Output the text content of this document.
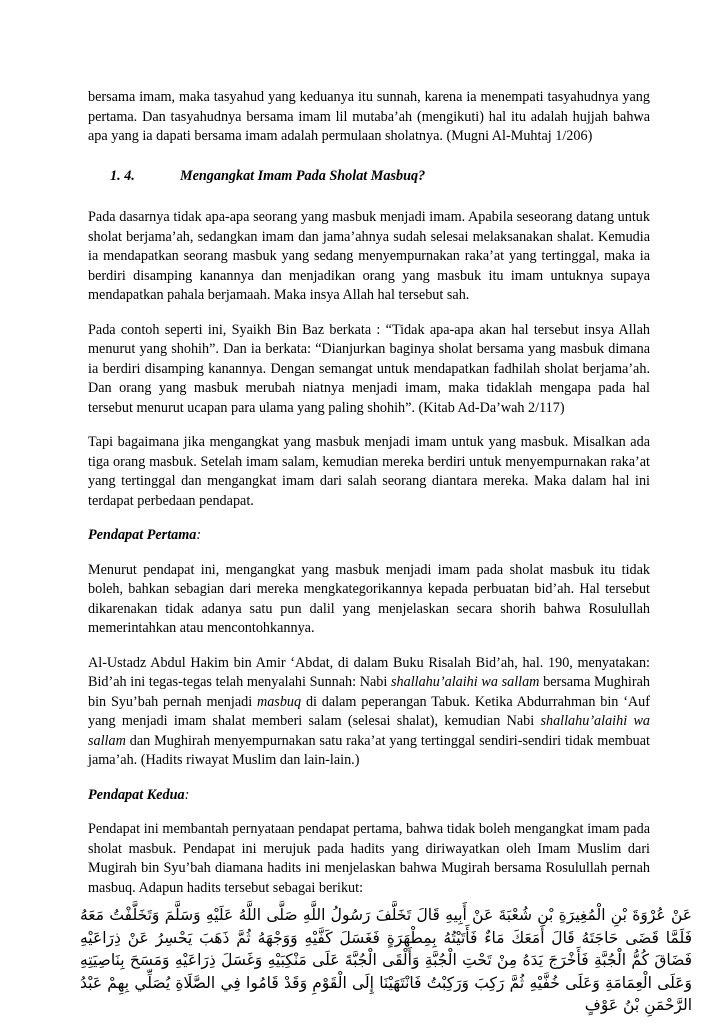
bersama imam, maka tasyahud yang keduanya itu sunnah, karena ia menempati tasyahudnya yang pertama. Dan tasyahudnya bersama imam lil mutaba’ah (mengikuti) hal itu adalah hujjah bahwa apa yang ia dapati bersama imam adalah permulaan sholatnya. (Mugni Al-Muhtaj 1/206)

1. 4.	Mengangkat Imam Pada Sholat Masbuq?

Pada dasarnya tidak apa-apa seorang yang masbuk menjadi imam. Apabila seseorang datang untuk sholat berjama’ah, sedangkan imam dan jama’ahnya sudah selesai melaksanakan shalat. Kemudia ia mendapatkan seorang masbuk yang sedang menyempurnakan raka’at yang tertinggal, maka ia berdiri disamping kanannya dan menjadikan orang yang masbuk itu imam untuknya supaya mendapatkan pahala berjamaah. Maka insya Allah hal tersebut sah.

Pada contoh seperti ini, Syaikh Bin Baz berkata : “Tidak apa-apa akan hal tersebut insya Allah menurut yang shohih”. Dan ia berkata: “Dianjurkan baginya sholat bersama yang masbuk dimana ia berdiri disamping kanannya. Dengan semangat untuk mendapatkan fadhilah sholat berjama’ah. Dan orang yang masbuk merubah niatnya menjadi imam, maka tidaklah mengapa pada hal tersebut menurut ucapan para ulama yang paling shohih”. (Kitab Ad-Da’wah 2/117)

Tapi bagaimana jika mengangkat yang masbuk menjadi imam untuk yang masbuk. Misalkan ada tiga orang masbuk. Setelah imam salam, kemudian mereka berdiri untuk menyempurnakan raka’at yang tertinggal dan mengangkat imam dari salah seorang diantara mereka. Maka dalam hal ini terdapat perbedaan pendapat.

Pendapat Pertama:

Menurut pendapat ini, mengangkat yang masbuk menjadi imam pada sholat masbuk itu tidak boleh, bahkan sebagian dari mereka mengkategorikannya kepada perbuatan bid’ah. Hal tersebut dikarenakan tidak adanya satu pun dalil yang menjelaskan secara shorih bahwa Rosulullah memerintahkan atau mencontohkannya.

Al-Ustadz Abdul Hakim bin Amir ‘Abdat, di dalam Buku Risalah Bid’ah, hal. 190, menyatakan: Bid’ah ini tegas-tegas telah menyalahi Sunnah: Nabi shallahu’alaihi wa sallam bersama Mughirah bin Syu’bah pernah menjadi masbuq di dalam peperangan Tabuk. Ketika Abdurrahman bin ‘Auf yang menjadi imam shalat memberi salam (selesai shalat), kemudian Nabi shallahu’alaihi wa sallam dan Mughirah menyempurnakan satu raka’at yang tertinggal sendiri-sendiri tidak membuat jama’ah. (Hadits riwayat Muslim dan lain-lain.)

Pendapat Kedua:

Pendapat ini membantah pernyataan pendapat pertama, bahwa tidak boleh mengangkat imam pada sholat masbuk. Pendapat ini merujuk pada hadits yang diriwayatkan oleh Imam Muslim dari Mugirah bin Syu’bah diamana hadits ini menjelaskan bahwa Mugirah bersama Rosulullah pernah masbuq. Adapun hadits tersebut sebagai berikut:

عَنْ عُرْوَةَ بْنِ الْمُغِيرَةِ بْنِ شُعْبَةَ عَنْ أَبِيهِ قَالَ تَخَلَّفَ رَسُولُ اللَّهِ صَلَّى اللَّهُ عَلَيْهِ وَسَلَّمَ وَتَخَلَّفْتُ مَعَهُ فَلَمَّا قَضَى حَاجَتَهُ قَالَ أَمَعَكَ مَاءٌ فَأَتَيْتُهُ بِمِطْهَرَةٍ فَغَسَلَ كَفَّيْهِ وَوَجْهَهُ ثُمَّ ذَهَبَ يَحْسِرُ عَنْ ذِرَاعَيْهِ فَضَاقَ كُمُّ الْجُبَّةِ فَأَخْرَجَ يَدَهُ مِنْ تَحْتِ الْجُبَّةِ وَأَلْقَى الْجُبَّةَ عَلَى مَنْكِبَيْهِ وَغَسَلَ ذِرَاعَيْهِ وَمَسَحَ بِنَاصِيَتِهِ وَعَلَى الْعِمَامَةِ وَعَلَى خُفَّيْهِ ثُمَّ رَكِبَ وَرَكِبْتُ فَانْتَهَيْنَا إِلَى الْقَوْمِ وَقَدْ قَامُوا فِي الصَّلَاةِ يُصَلِّي بِهِمْ عَبْدُ الرَّحْمَنِ بْنُ عَوْفٍ
